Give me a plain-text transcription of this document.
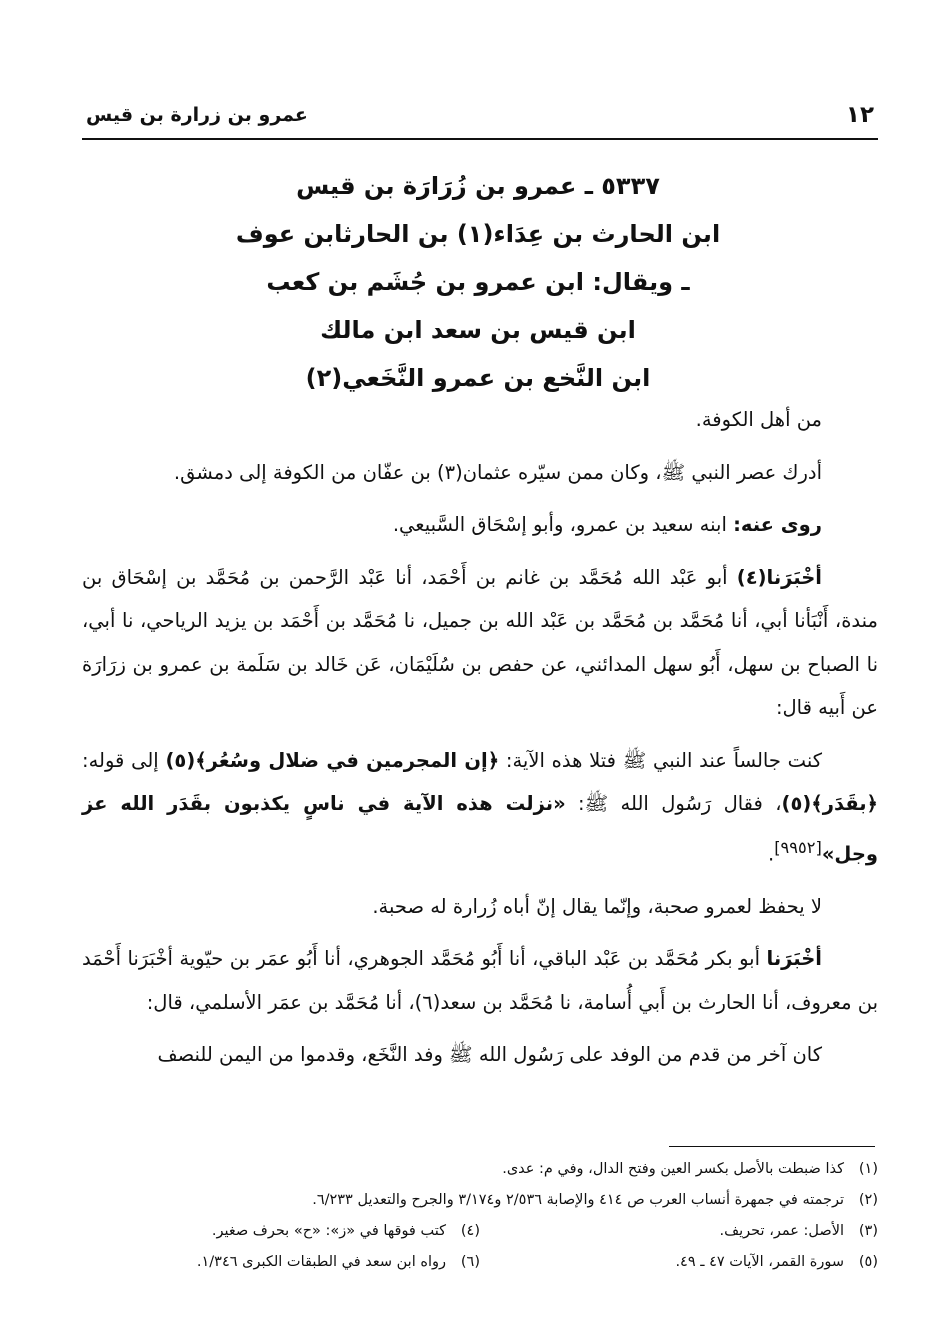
١٢
عمرو بن زرارة بن قيس
٥٣٣٧ ـ عمرو بن زُرَارَة بن قيس
ابن الحارث بن عِدَاء(١) بن الحارثابن عوف
ـ ويقال: ابن عمرو بن جُشَم بن كعب
ابن قيس بن سعد ابن مالك
ابن النَّخع بن عمرو النَّخَعي(٢)

من أهل الكوفة.

أدرك عصر النبي ﷺ، وكان ممن سيّره عثمان(٣) بن عفّان من الكوفة إلى دمشق.

روى عنه: ابنه سعيد بن عمرو، وأبو إسْحَاق السَّبيعي.

أخْبَرَنا(٤) أبو عَبْد الله مُحَمَّد بن غانم بن أَحْمَد، أنا عَبْد الرَّحمن بن مُحَمَّد بن إسْحَاق بن مندة، أَنْبَأنا أبي، أنا مُحَمَّد بن مُحَمَّد بن عَبْد الله بن جميل، نا مُحَمَّد بن أَحْمَد بن يزيد الرياحي، نا أبي، نا الصباح بن سهل، أَبُو سهل المدائني، عن حفص بن سُلَيْمَان، عَن خَالد بن سَلَمة بن عمرو بن زرَارَة عن أَبيه قال:

كنت جالساً عند النبي ﷺ فتلا هذه الآية: ﴿إن المجرمين في ضلال وسُعُر﴾(٥) إلى قوله: ﴿بقَدَر﴾(٥)، فقال رَسُول الله ﷺ: «نزلت هذه الآية في ناسٍ يكذبون بقَدَر الله عز وجل»[٩٩٥٢].

لا يحفظ لعمرو صحبة، وإنّما يقال إنّ أباه زُرارة له صحبة.

أخْبَرَنا أبو بكر مُحَمَّد بن عَبْد الباقي، أنا أَبُو مُحَمَّد الجوهري، أنا أَبُو عمَر بن حيّوية أخْبَرَنا أَحْمَد بن معروف، أنا الحارث بن أَبي أُسامة، نا مُحَمَّد بن سعد(٦)، أنا مُحَمَّد بن عمَر الأسلمي، قال:

كان آخر من قدم من الوفد على رَسُول الله ﷺ وفد النَّخَع، وقدموا من اليمن للنصف

(١)كذا ضبطت بالأصل بكسر العين وفتح الدال، وفي م: عدى.
(٢)ترجمته في جمهرة أنساب العرب ص ٤١٤ والإصابة ٢/٥٣٦ و٣/١٧٤ والجرح والتعديل ٦/٢٣٣.
(٣)الأصل: عمر، تحريف.
(٤)كتب فوقها في «ز»: «ح» بحرف صغير.
(٥)سورة القمر، الآيات ٤٧ ـ ٤٩.
(٦)رواه ابن سعد في الطبقات الكبرى ١/٣٤٦.
